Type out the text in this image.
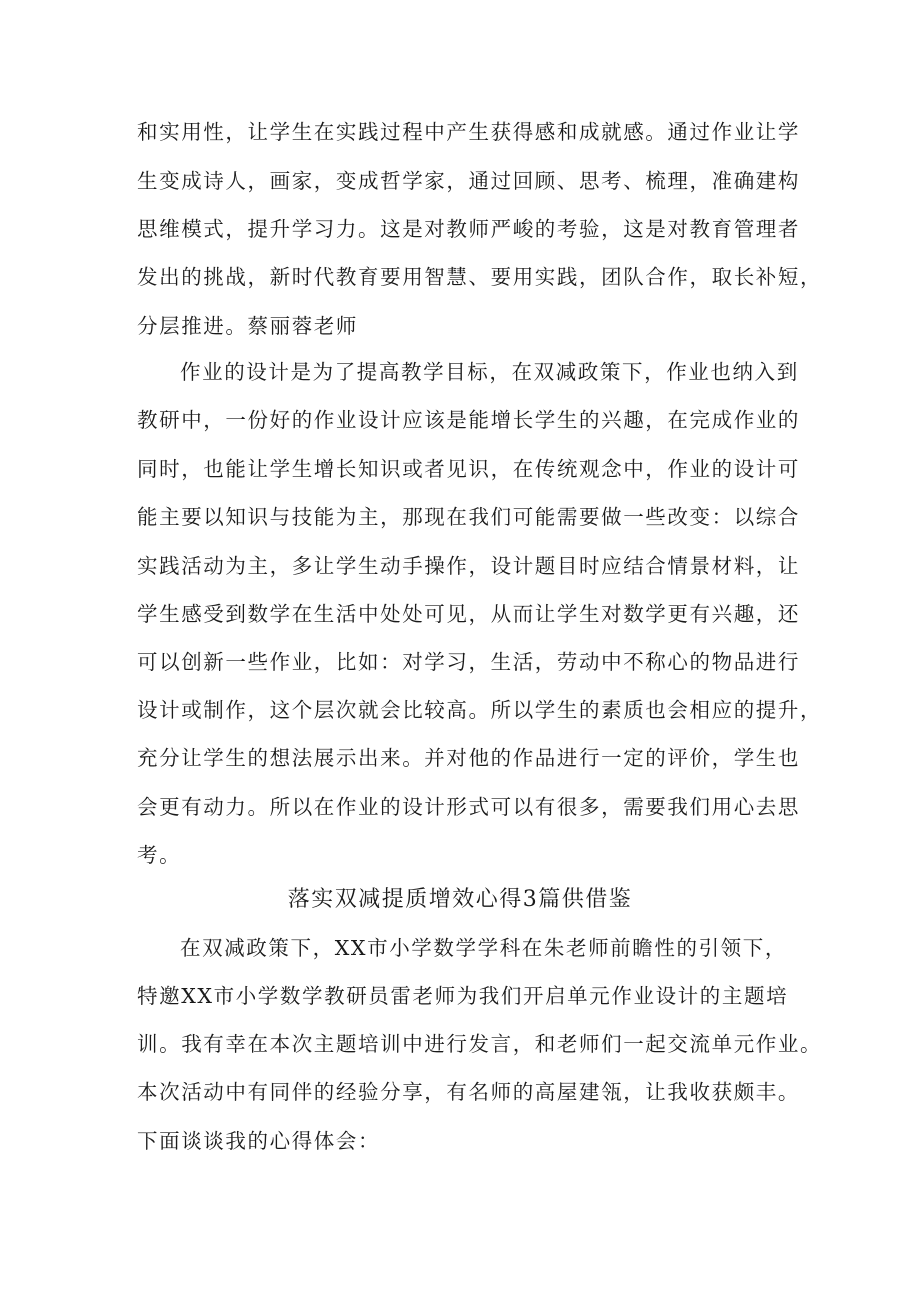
和实用性，让学生在实践过程中产生获得感和成就感。通过作业让学
生变成诗人，画家，变成哲学家，通过回顾、思考、梳理，准确建构
思维模式，提升学习力。这是对教师严峻的考验，这是对教育管理者
发出的挑战，新时代教育要用智慧、要用实践，团队合作，取长补短，
分层推进。蔡丽蓉老师
作业的设计是为了提高教学目标，在双减政策下，作业也纳入到
教研中，一份好的作业设计应该是能增长学生的兴趣，在完成作业的
同时，也能让学生增长知识或者见识，在传统观念中，作业的设计可
能主要以知识与技能为主，那现在我们可能需要做一些改变：以综合
实践活动为主，多让学生动手操作，设计题目时应结合情景材料，让
学生感受到数学在生活中处处可见，从而让学生对数学更有兴趣，还
可以创新一些作业，比如：对学习，生活，劳动中不称心的物品进行
设计或制作，这个层次就会比较高。所以学生的素质也会相应的提升，
充分让学生的想法展示出来。并对他的作品进行一定的评价，学生也
会更有动力。所以在作业的设计形式可以有很多，需要我们用心去思
考。
落实双减提质增效心得3篇供借鉴
在双减政策下，XX市小学数学学科在朱老师前瞻性的引领下，
特邀XX市小学数学教研员雷老师为我们开启单元作业设计的主题培
训。我有幸在本次主题培训中进行发言，和老师们一起交流单元作业。
本次活动中有同伴的经验分享，有名师的高屋建瓴，让我收获颇丰。
下面谈谈我的心得体会：
